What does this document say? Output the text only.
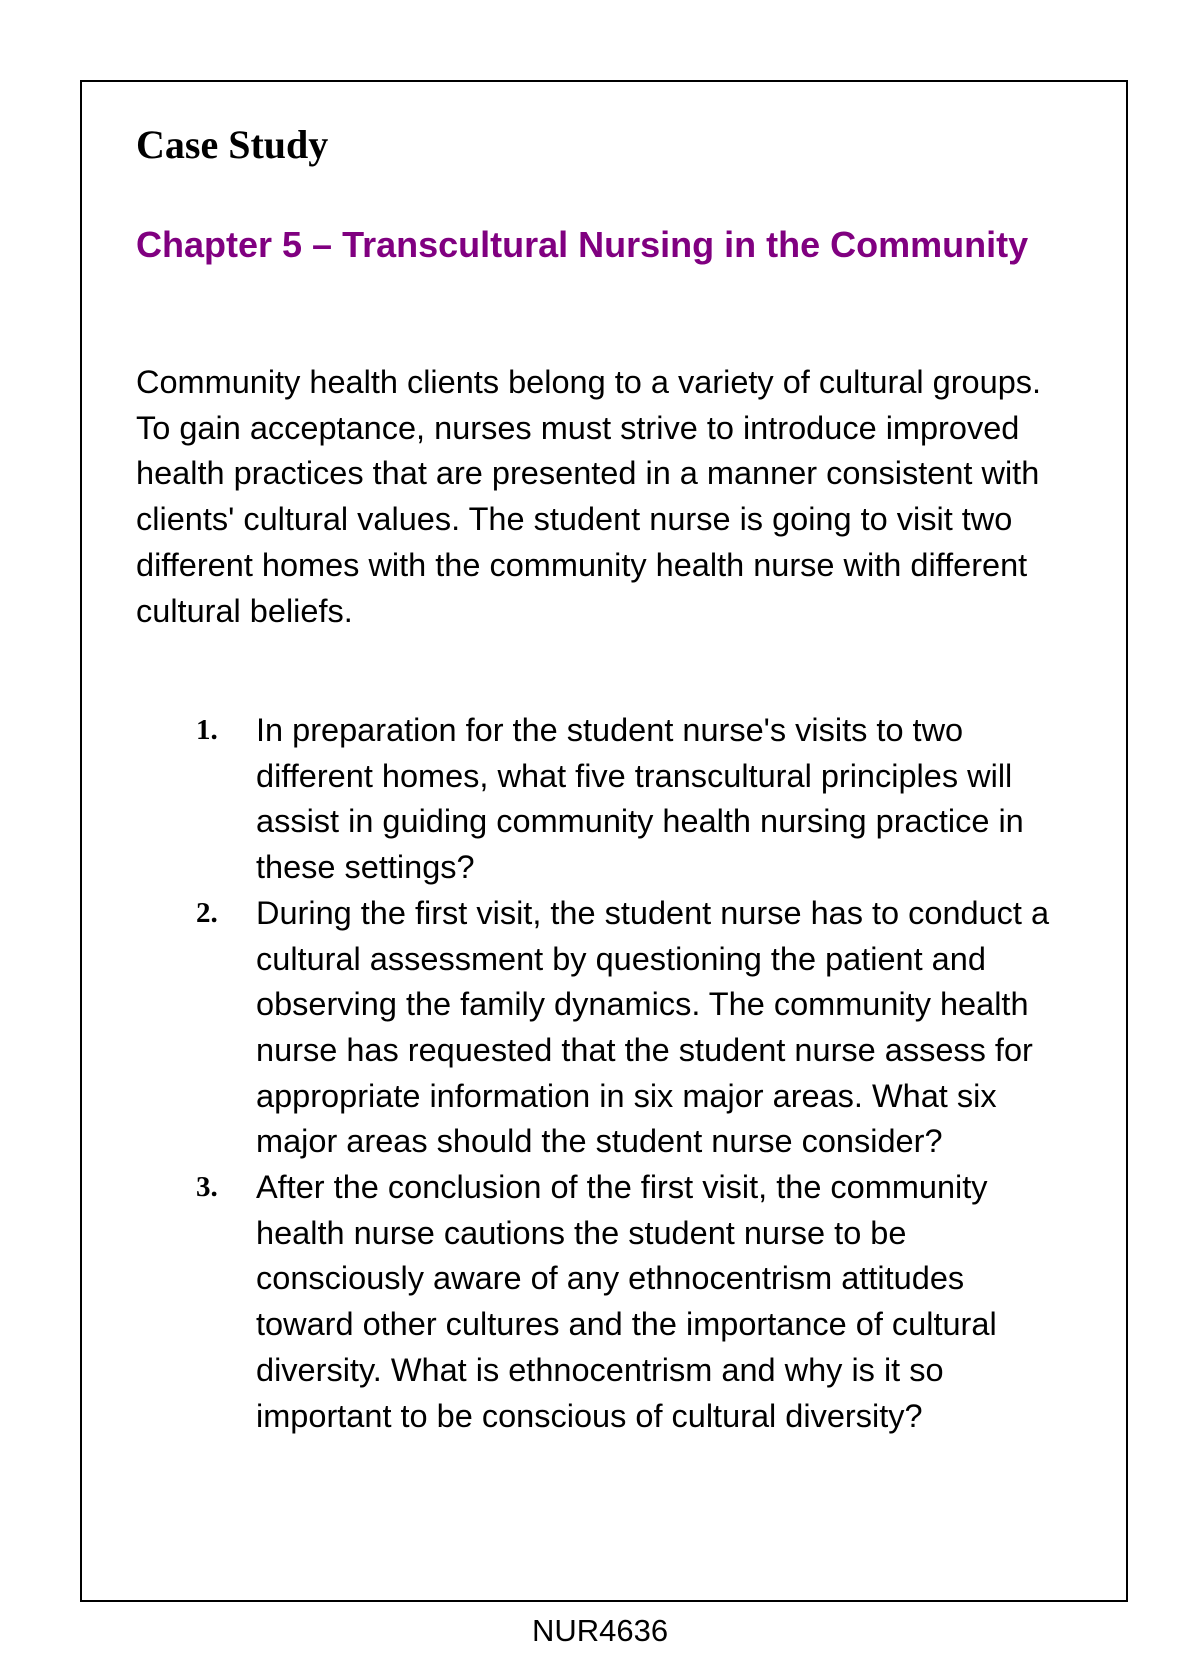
Case Study
Chapter 5 – Transcultural Nursing in the Community

Community health clients belong to a variety of cultural groups. To gain acceptance, nurses must strive to introduce improved health practices that are presented in a manner consistent with clients' cultural values. The student nurse is going to visit two different homes with the community health nurse with different cultural beliefs.

1. In preparation for the student nurse's visits to two different homes, what five transcultural principles will assist in guiding community health nursing practice in these settings?
2. During the first visit, the student nurse has to conduct a cultural assessment by questioning the patient and observing the family dynamics. The community health nurse has requested that the student nurse assess for appropriate information in six major areas. What six major areas should the student nurse consider?
3. After the conclusion of the first visit, the community health nurse cautions the student nurse to be consciously aware of any ethnocentrism attitudes toward other cultures and the importance of cultural diversity. What is ethnocentrism and why is it so important to be conscious of cultural diversity?
NUR4636
